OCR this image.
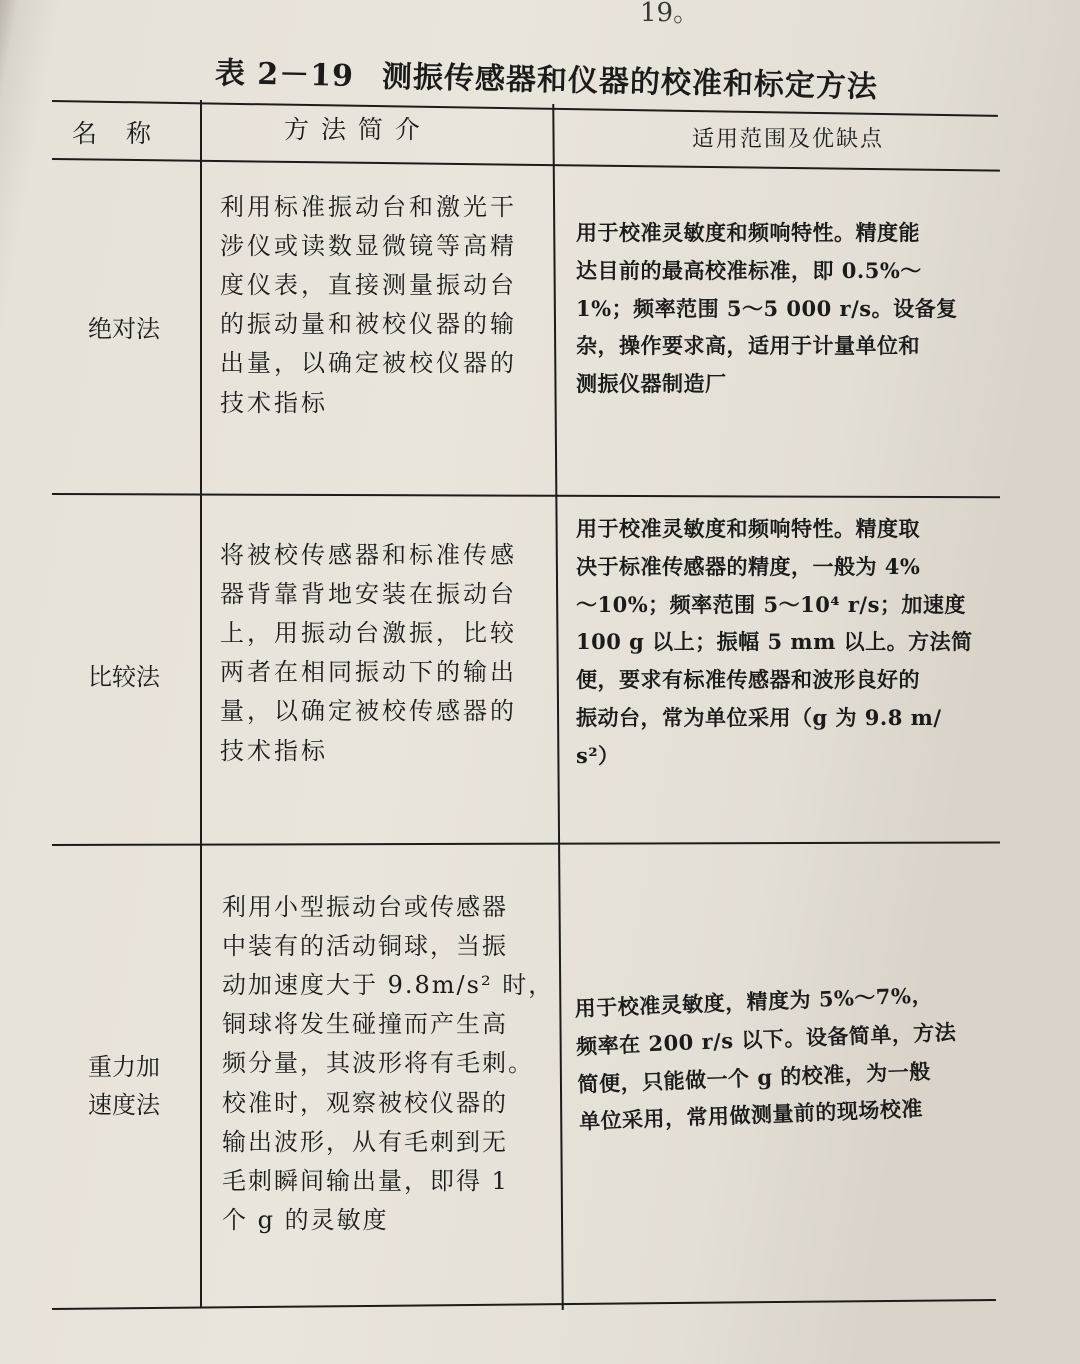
19。
表 2－19 测振传感器和仪器的校准和标定方法
名　称	方 法 简 介	适用范围及优缺点
绝对法
利用标准振动台和激光干
涉仪或读数显微镜等高精
度仪表，直接测量振动台
的振动量和被校仪器的输
出量，以确定被校仪器的
技术指标
用于校准灵敏度和频响特性。精度能
达目前的最高校准标准，即 0.5%～
1%；频率范围 5～5 000 r/s。设备复
杂，操作要求高，适用于计量单位和
测振仪器制造厂
比较法
将被校传感器和标准传感
器背靠背地安装在振动台
上，用振动台激振，比较
两者在相同振动下的输出
量，以确定被校传感器的
技术指标
用于校准灵敏度和频响特性。精度取
决于标准传感器的精度，一般为 4%
～10%；频率范围 5～10⁴ r/s；加速度
100 g 以上；振幅 5 mm 以上。方法简
便，要求有标准传感器和波形良好的
振动台，常为单位采用（g 为 9.8 m/
s²）
重力加
速度法
利用小型振动台或传感器
中装有的活动铜球，当振
动加速度大于 9.8m/s² 时，
铜球将发生碰撞而产生高
频分量，其波形将有毛刺。
校准时，观察被校仪器的
输出波形，从有毛刺到无
毛刺瞬间输出量，即得 1
个 g 的灵敏度
用于校准灵敏度，精度为 5%～7%，
频率在 200 r/s 以下。设备简单，方法
简便，只能做一个 g 的校准，为一般
单位采用，常用做测量前的现场校准
